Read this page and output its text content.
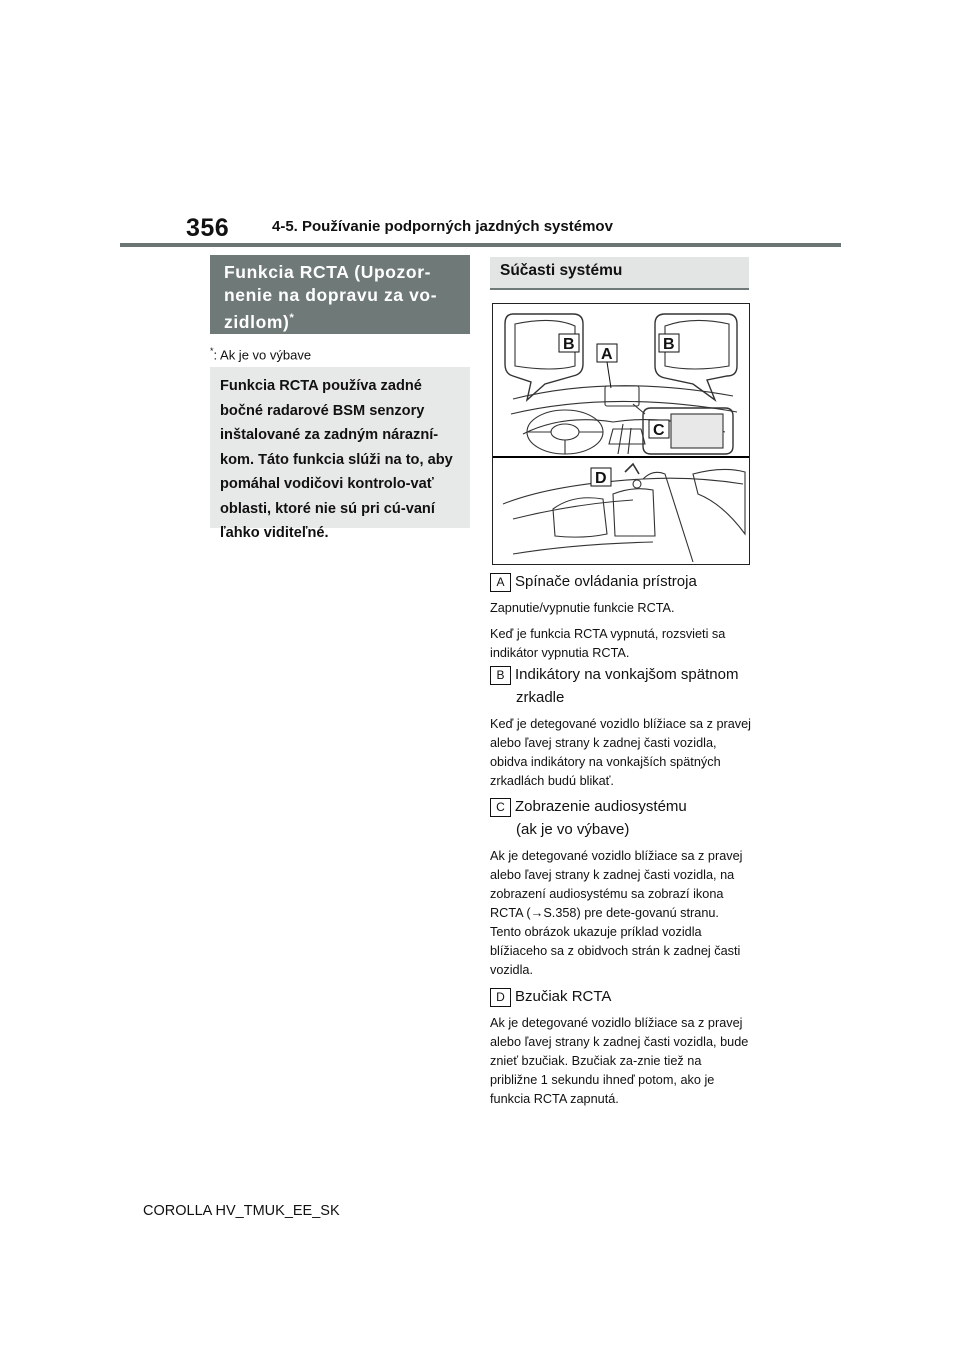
356	4-5. Používanie podporných jazdných systémov
Funkcia RCTA (Upozor-nenie na dopravu za vo-zidlom)*
*: Ak je vo výbave
Funkcia RCTA používa zadné bočné radarové BSM senzory inštalované za zadným nárazní-kom. Táto funkcia slúži na to, aby pomáhal vodičovi kontrolo-vať oblasti, ktoré nie sú pri cú-vaní ľahko viditeľné.
Súčasti systému
B
A
B
C
D
A Spínače ovládania prístroja

Zapnutie/vypnutie funkcie RCTA.

Keď je funkcia RCTA vypnutá, rozsvieti sa indikátor vypnutia RCTA.

B Indikátory na vonkajšom spätnom
zrkadle

Keď je detegované vozidlo blížiace sa z pravej alebo ľavej strany k zadnej časti vozidla, obidva indikátory na vonkajších spätných zrkadlách budú blikať.

C Zobrazenie audiosystému
(ak je vo výbave)

Ak je detegované vozidlo blížiace sa z pravej alebo ľavej strany k zadnej časti vozidla, na zobrazení audiosystému sa zobrazí ikona RCTA (→S.358) pre dete-govanú stranu. Tento obrázok ukazuje príklad vozidla blížiaceho sa z obidvoch strán k zadnej časti vozidla.

D Bzučiak RCTA

Ak je detegované vozidlo blížiace sa z pravej alebo ľavej strany k zadnej časti vozidla, bude znieť bzučiak. Bzučiak za-znie tiež na približne 1 sekundu ihneď potom, ako je funkcia RCTA zapnutá.

COROLLA HV_TMUK_EE_SK
